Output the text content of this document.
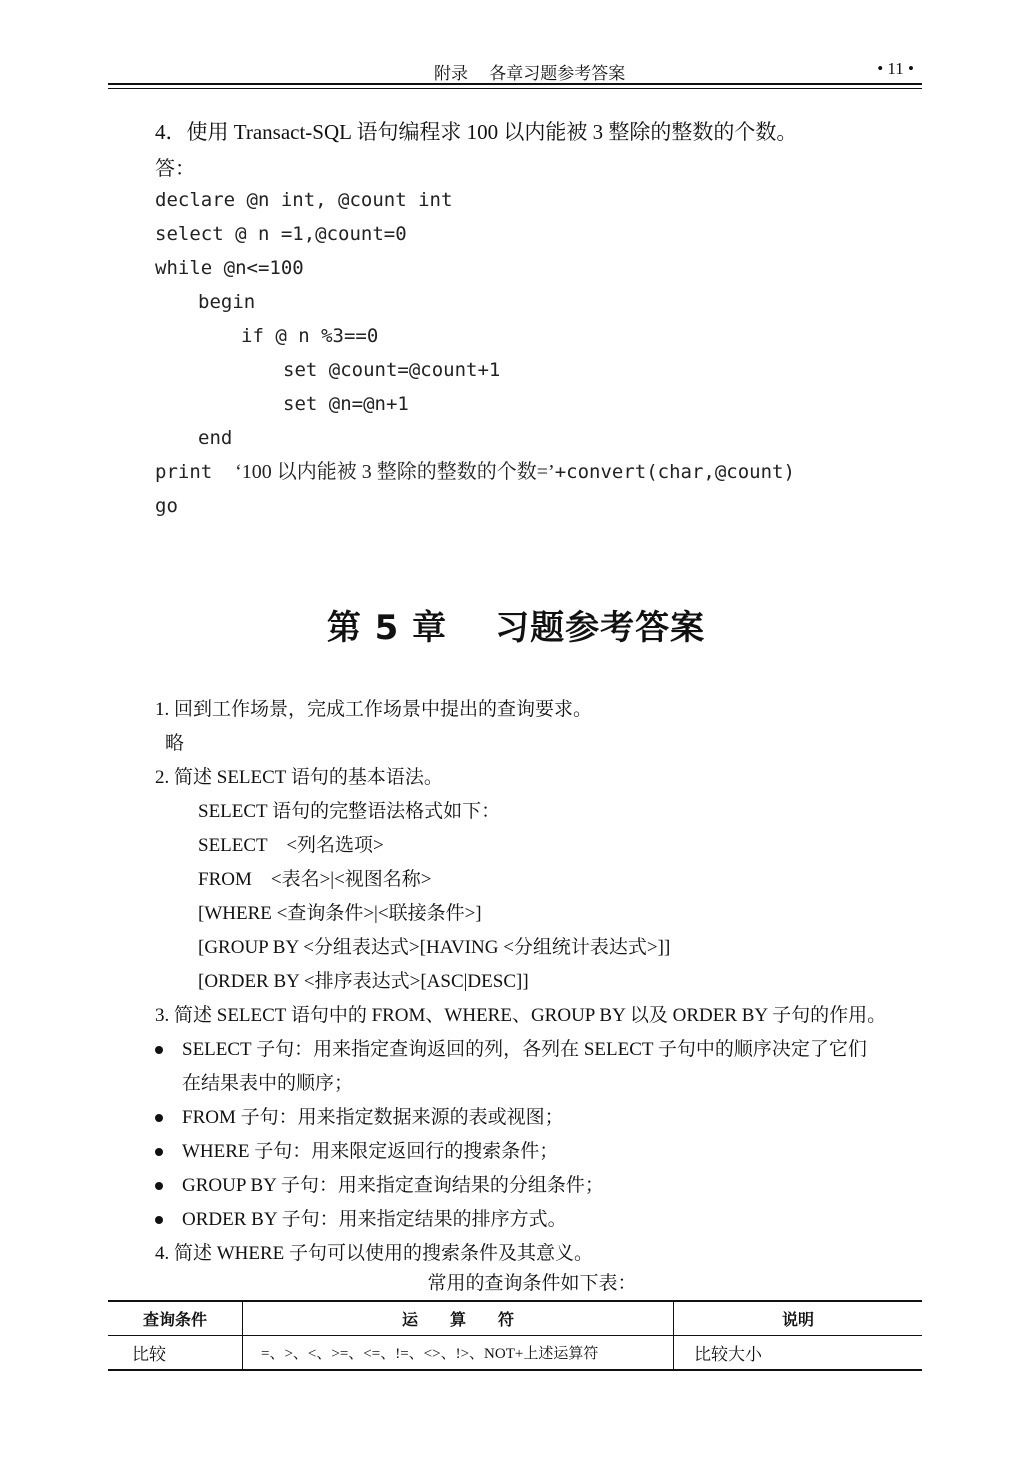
附录　 各章习题参考答案	• 11 •
4．使用 Transact-SQL 语句编程求 100 以内能被 3 整除的整数的个数。
答：
declare @n int, @count int
select @ n =1,@count=0
while @n<=100
begin
if @ n %3==0
set @count=@count+1
set @n=@n+1
end
print ‘100 以内能被 3 整除的整数的个数=’+convert(char,@count)
go
第 5 章 习题参考答案
1. 回到工作场景，完成工作场景中提出的查询要求。
略
2. 简述 SELECT 语句的基本语法。
SELECT 语句的完整语法格式如下：
SELECT　<列名选项>
FROM　<表名>|<视图名称>
[WHERE <查询条件>|<联接条件>]
[GROUP BY <分组表达式>[HAVING <分组统计表达式>]]
[ORDER BY <排序表达式>[ASC|DESC]]
3. 简述 SELECT 语句中的 FROM、WHERE、GROUP BY 以及 ORDER BY 子句的作用。
SELECT 子句：用来指定查询返回的列，各列在 SELECT 子句中的顺序决定了它们
在结果表中的顺序；
FROM 子句：用来指定数据来源的表或视图；
WHERE 子句：用来限定返回行的搜索条件；
GROUP BY 子句：用来指定查询结果的分组条件；
ORDER BY 子句：用来指定结果的排序方式。
4. 简述 WHERE 子句可以使用的搜索条件及其意义。
常用的查询条件如下表：
查询条件	运　　算　　符	说明
比较	=、>、<、>=、<=、!=、<>、!>、NOT+上述运算符	比较大小
